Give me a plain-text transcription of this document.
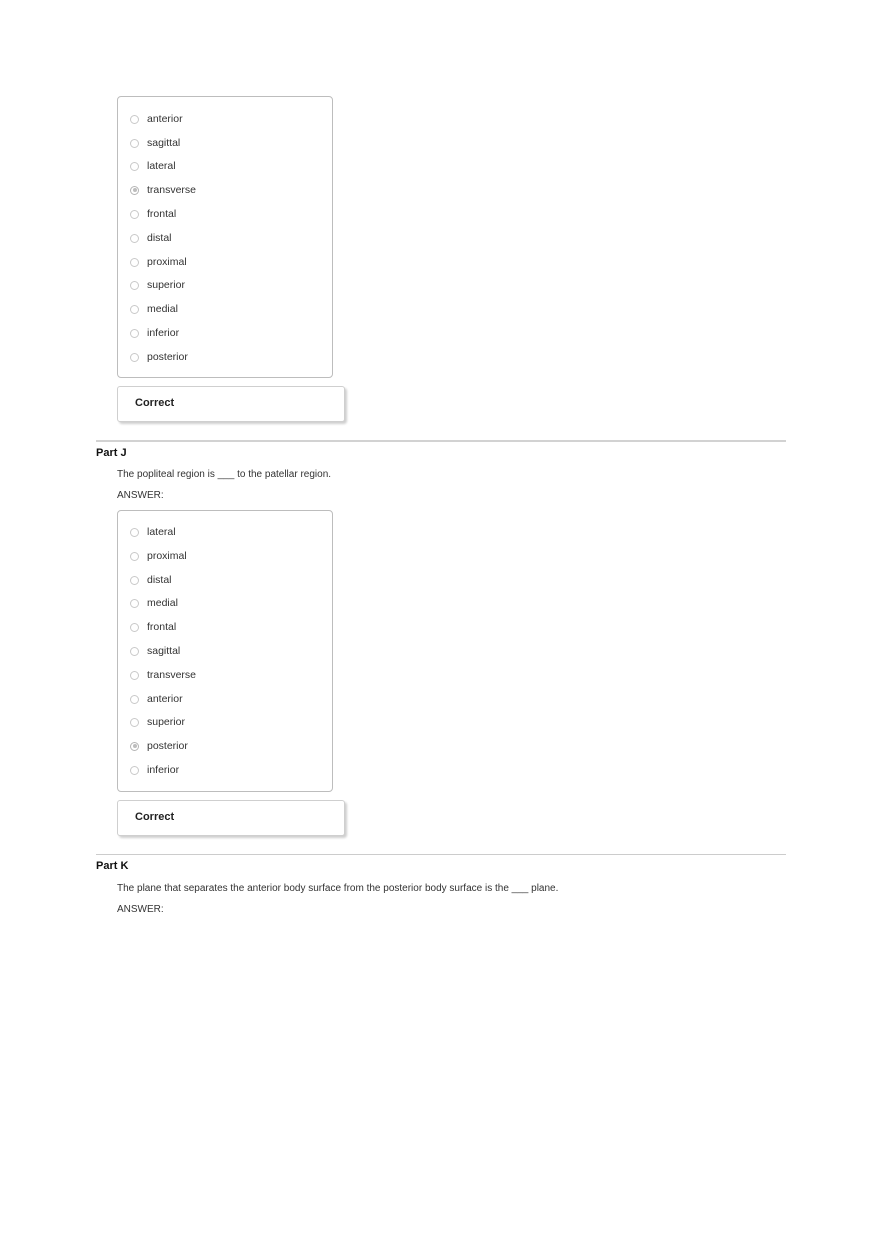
anterior
sagittal
lateral
transverse
frontal
distal
proximal
superior
medial
inferior
posterior
Correct
Part J
The popliteal region is ___ to the patellar region.
ANSWER:
lateral
proximal
distal
medial
frontal
sagittal
transverse
anterior
superior
posterior
inferior
Correct
Part K
The plane that separates the anterior body surface from the posterior body surface is the ___ plane.
ANSWER:
